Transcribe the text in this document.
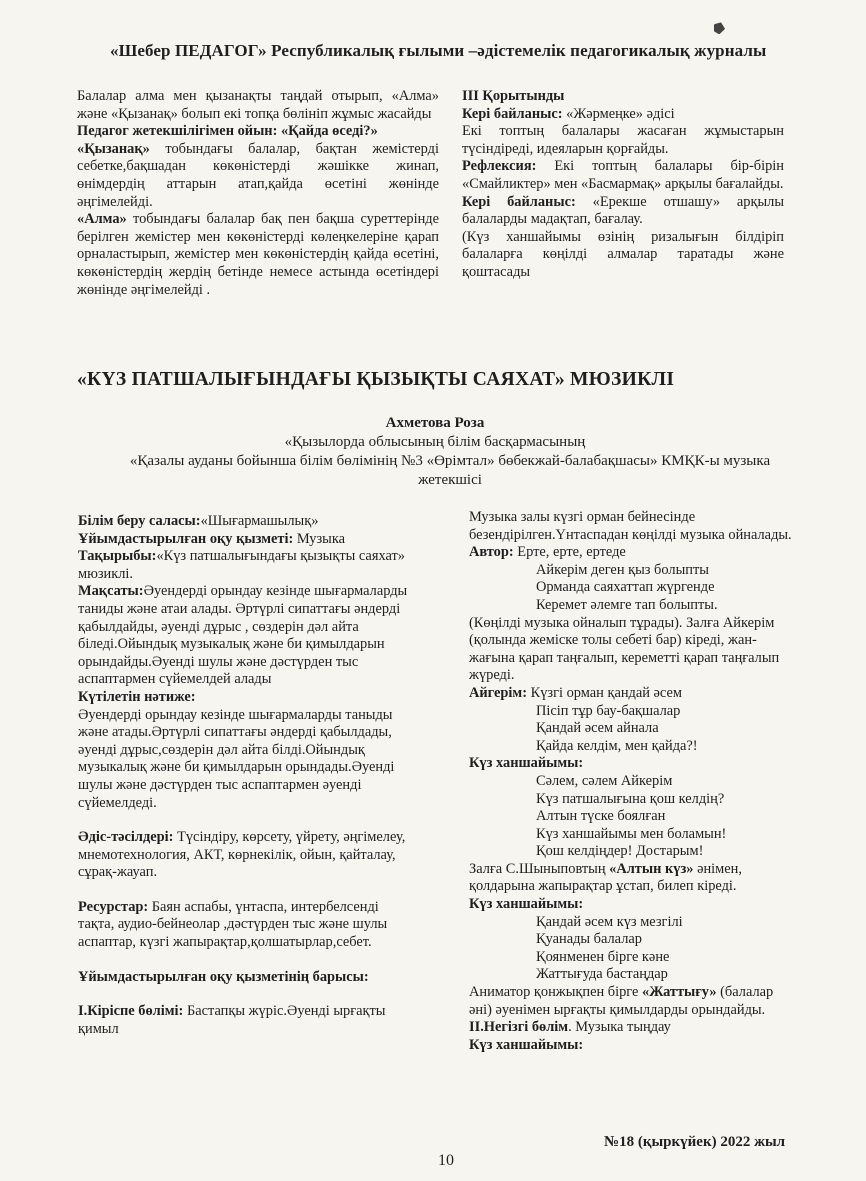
«Шебер ПЕДАГОГ» Республикалық ғылыми –әдістемелік педагогикалық журналы

Балалар алма мен қызанақты таңдай отырып, «Алма» және «Қызанақ» болып екі топқа бөлініп жұмыс жасайды

Педагог жетекшілігімен ойын: «Қайда өседі?»

«Қызанақ» тобындағы балалар, бақтан жемістерді себетке,бақшадан көкөністерді жәшікке жинап, өнімдердің аттарын атап,қайда өсетіні жөнінде әңгімелейді.

«Алма» тобындағы балалар бақ пен бақша суреттерінде берілген жемістер мен көкөністерді көлеңкелеріне қарап орналастырып, жемістер мен көкөністердің қайда өсетіні, көкөністердің жердің бетінде немесе астында өсетіндері жөнінде әңгімелейді .

III Қорытынды

Кері байланыс: «Жәрмеңке» әдісі

Екі топтың балалары жасаған жұмыстарын түсіндіреді, идеяларын қорғайды.

Рефлексия: Екі топтың балалары бір-бірін «Смайликтер» мен «Басмармақ» арқылы бағалайды.

Кері байланыс: «Ерекше отшашу» арқылы балаларды мадақтап, бағалау.

(Күз ханшайымы өзінің ризалығын білдіріп балаларға көңілді алмалар таратады және қоштасады

«КҮЗ ПАТШАЛЫҒЫНДАҒЫ ҚЫЗЫҚТЫ САЯХАТ» МЮЗИКЛІ
Ахметова Роза
«Қызылорда облысының білім басқармасының
«Қазалы ауданы бойынша білім бөлімінің №3 «Өрімтал» бөбекжай-балабақшасы» КМҚК-ы музыка жетекшісі

Білім беру саласы:«Шығармашылық»

Ұйымдастырылған оқу қызметі: Музыка

Тақырыбы:«Күз патшалығындағы қызықты саяхат» мюзиклі.

Мақсаты:Әуендерді орындау кезінде шығармаларды таниды және атаи алады. Әртүрлі сипаттағы әндерді қабылдайды, әуенді дұрыс , сөздерін дәл айта біледі.Ойындық музыкалық және би қимылдарын орындайды.Әуенді шулы және дәстүрден тыс аспаптармен сүйемелдей алады

Күтілетін нәтиже:

Әуендерді орындау кезінде шығармаларды таныды және атады.Әртүрлі сипаттағы әндерді қабылдады, әуенді дұрыс,сөздерін дәл айта білді.Ойындық музыкалық және би қимылдарын орындады.Әуенді шулы және дәстүрден тыс аспаптармен әуенді сүйемелдеді.

Әдіс-тәсілдері: Түсіндіру, көрсету, үйрету, әңгімелеу, мнемотехнология, АКТ, көрнекілік, ойын, қайталау, сұрақ-жауап.

Ресурстар: Баян аспабы, үнтаспа, интербелсенді тақта, аудио-бейнеолар ,дәстүрден тыс және шулы аспаптар, күзгі жапырақтар,қолшатырлар,себет.

Ұйымдастырылған оқу қызметінің барысы:

І.Кіріспе бөлімі: Бастапқы жүріс.Әуенді ырғақты қимыл

Музыка залы күзгі орман бейнесінде безендірілген.Үнтаспадан көңілді музыка ойналады.

Автор: Ерте, ерте, ертеде

Айкерім деген қыз болыпты

Орманда саяхаттап жүргенде

Керемет әлемге тап болыпты.

(Көңілді музыка ойналып тұрады). Залға Айкерім (қолында жеміске толы себеті бар) кіреді, жан-жағына қарап таңғалып, кереметті қарап таңғалып жүреді.

Айгерім: Күзгі орман қандай әсем

Пісіп тұр бау-бақшалар

Қандай әсем айнала

Қайда келдім, мен қайда?!

Күз ханшайымы:

Сәлем, сәлем Айкерім

Күз патшалығына қош келдің?

Алтын түске боялған

Күз ханшайымы мен боламын!

Қош келдіңдер! Достарым!

Залға С.Шыныповтың «Алтын күз» әнімен, қолдарына жапырақтар ұстап, билеп кіреді.

Күз ханшайымы:

Қандай әсем күз мезгілі

Қуанады балалар

Қоянменен бірге кәне

Жаттығуда бастаңдар

Аниматор қонжықпен бірге «Жаттығу» (балалар әні) әуенімен ырғақты қимылдарды орындайды.

ІІ.Негізгі бөлім. Музыка тыңдау

Күз ханшайымы:

№18 (қыркүйек) 2022 жыл
10
